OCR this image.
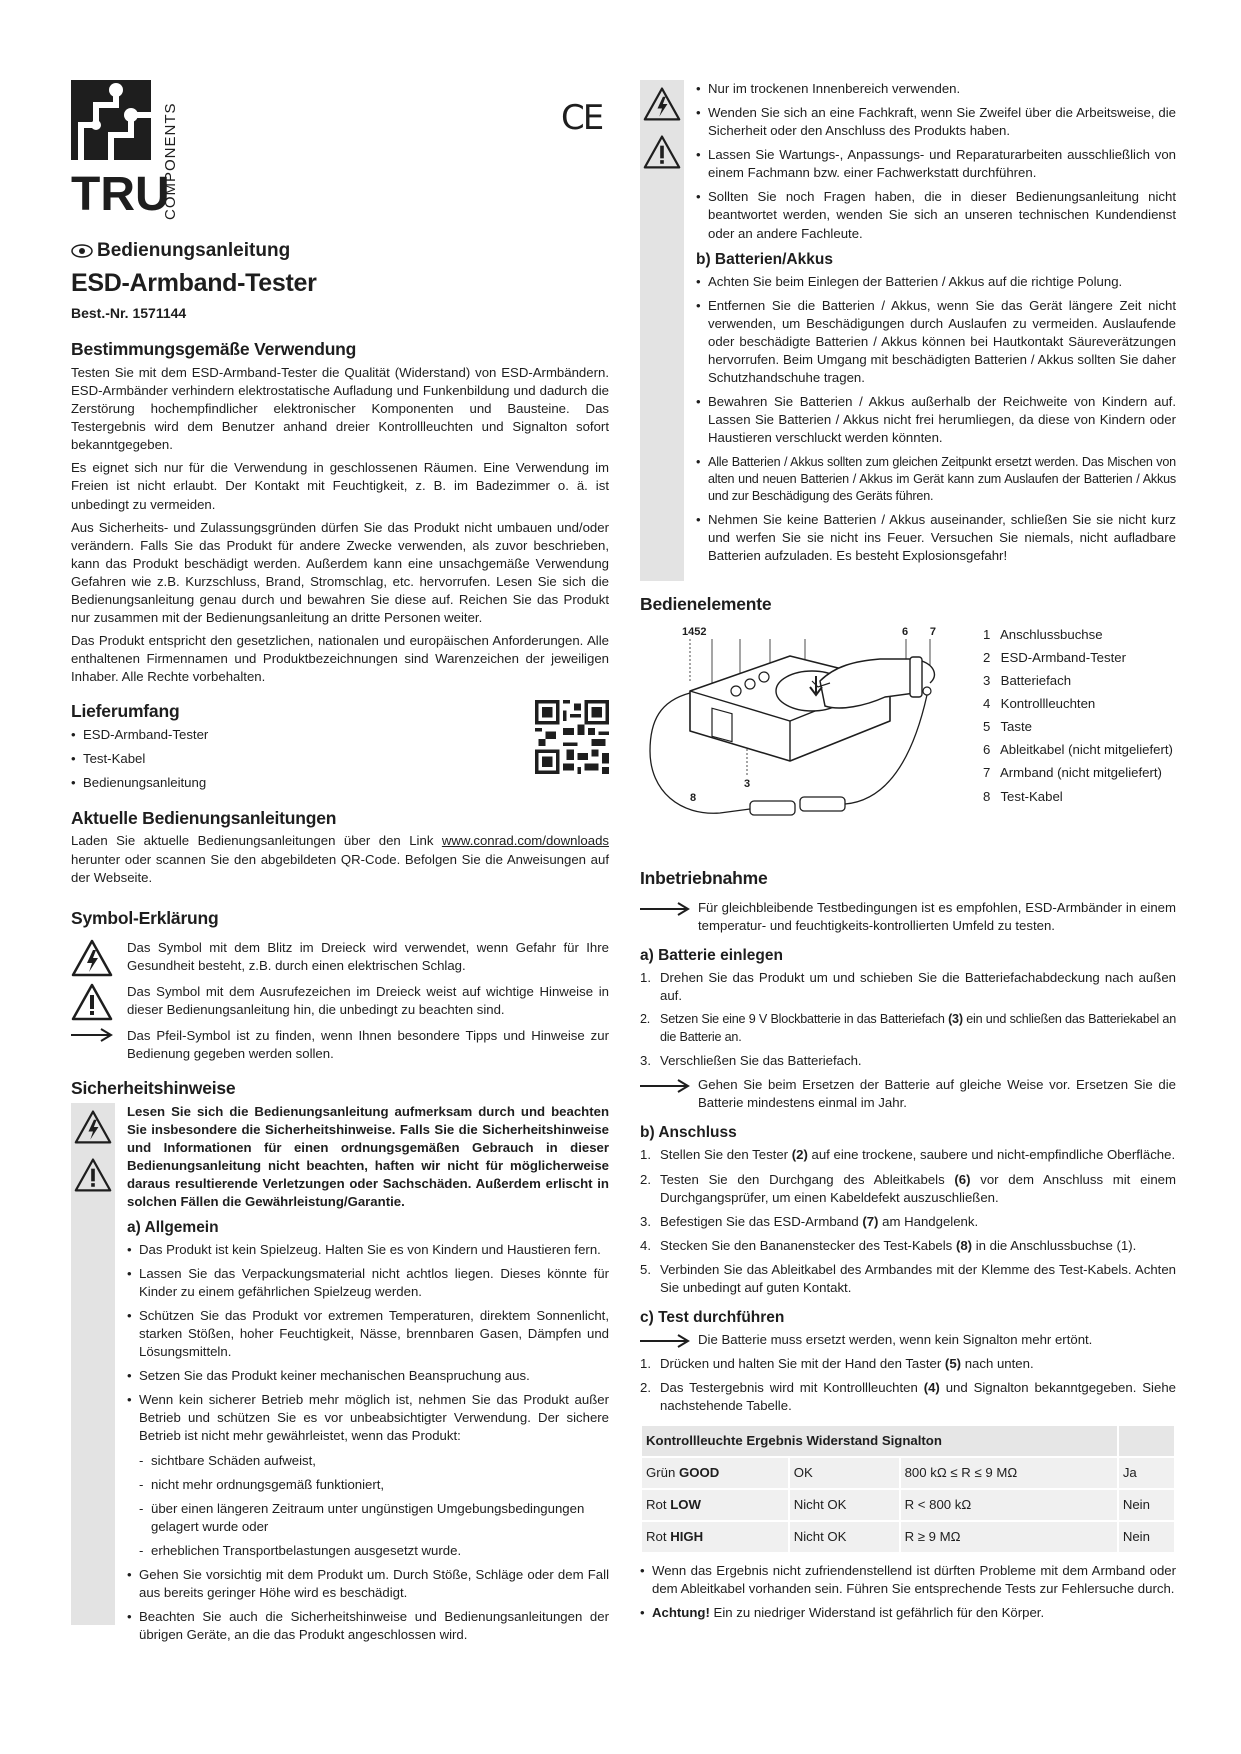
TRU
COMPONENTS	CE
Bedienungsanleitung
ESD-Armband-Tester
Best.-Nr. 1571144
Bestimmungsgemäße Verwendung

Testen Sie mit dem ESD-Armband-Tester die Qualität (Widerstand) von ESD-Armbändern. ESD-Armbänder verhindern elektrostatische Aufladung und Funkenbildung und dadurch die Zerstörung hochempfindlicher elektronischer Komponenten und Bausteine. Das Testergebnis wird dem Benutzer anhand dreier Kontrollleuchten und Signalton sofort bekanntgegeben.

Es eignet sich nur für die Verwendung in geschlossenen Räumen. Eine Verwendung im Freien ist nicht erlaubt. Der Kontakt mit Feuchtigkeit, z. B. im Badezimmer o. ä. ist unbedingt zu vermeiden.

Aus Sicherheits- und Zulassungsgründen dürfen Sie das Produkt nicht umbauen und/oder verändern. Falls Sie das Produkt für andere Zwecke verwenden, als zuvor beschrieben, kann das Produkt beschädigt werden. Außerdem kann eine unsachgemäße Verwendung Gefahren wie z.B. Kurzschluss, Brand, Stromschlag, etc. hervorrufen. Lesen Sie sich die Bedienungsanleitung genau durch und bewahren Sie diese auf. Reichen Sie das Produkt nur zusammen mit der Bedienungsanleitung an dritte Personen weiter.

Das Produkt entspricht den gesetzlichen, nationalen und europäischen Anforderungen. Alle enthaltenen Firmennamen und Produktbezeichnungen sind Warenzeichen der jeweiligen Inhaber. Alle Rechte vorbehalten.

Lieferumfang
• ESD-Armband-Tester
• Test-Kabel
• Bedienungsanleitung
Aktuelle Bedienungsanleitungen

Laden Sie aktuelle Bedienungsanleitungen über den Link www.conrad.com/downloads herunter oder scannen Sie den abgebildeten QR-Code. Befolgen Sie die Anweisungen auf der Webseite.

Symbol-Erklärung

Das Symbol mit dem Blitz im Dreieck wird verwendet, wenn Gefahr für Ihre Gesundheit besteht, z.B. durch einen elektrischen Schlag.

Das Symbol mit dem Ausrufezeichen im Dreieck weist auf wichtige Hinweise in dieser Bedienungsanleitung hin, die unbedingt zu beachten sind.

Das Pfeil-Symbol ist zu finden, wenn Ihnen besondere Tipps und Hinweise zur Bedienung gegeben werden sollen.

Sicherheitshinweise
Lesen Sie sich die Bedienungsanleitung aufmerksam durch und beachten Sie insbesondere die Sicherheitshinweise. Falls Sie die Sicherheitshinweise und Informationen für einen ordnungsgemäßen Gebrauch in dieser Bedienungsanleitung nicht beachten, haften wir nicht für möglicherweise daraus resultierende Verletzungen oder Sachschäden. Außerdem erlischt in solchen Fällen die Gewährleistung/Garantie.
a) Allgemein
• Das Produkt ist kein Spielzeug. Halten Sie es von Kindern und Haustieren fern.
• Lassen Sie das Verpackungsmaterial nicht achtlos liegen. Dieses könnte für Kinder zu einem gefährlichen Spielzeug werden.
• Schützen Sie das Produkt vor extremen Temperaturen, direktem Sonnenlicht, starken Stößen, hoher Feuchtigkeit, Nässe, brennbaren Gasen, Dämpfen und Lösungsmitteln.
• Setzen Sie das Produkt keiner mechanischen Beanspruchung aus.
• Wenn kein sicherer Betrieb mehr möglich ist, nehmen Sie das Produkt außer Betrieb und schützen Sie es vor unbeabsichtigter Verwendung. Der sichere Betrieb ist nicht mehr gewährleistet, wenn das Produkt:
- sichtbare Schäden aufweist,
- nicht mehr ordnungsgemäß funktioniert,
- über einen längeren Zeitraum unter ungünstigen Umgebungsbedingungen gelagert wurde oder
- erheblichen Transportbelastungen ausgesetzt wurde.
• Gehen Sie vorsichtig mit dem Produkt um. Durch Stöße, Schläge oder dem Fall aus bereits geringer Höhe wird es beschädigt.
• Beachten Sie auch die Sicherheitshinweise und Bedienungsanleitungen der übrigen Geräte, an die das Produkt angeschlossen wird.
• Nur im trockenen Innenbereich verwenden.
• Wenden Sie sich an eine Fachkraft, wenn Sie Zweifel über die Arbeitsweise, die Sicherheit oder den Anschluss des Produkts haben.
• Lassen Sie Wartungs-, Anpassungs- und Reparaturarbeiten ausschließlich von einem Fachmann bzw. einer Fachwerkstatt durchführen.
• Sollten Sie noch Fragen haben, die in dieser Bedienungsanleitung nicht beantwortet werden, wenden Sie sich an unseren technischen Kundendienst oder an andere Fachleute.
b) Batterien/Akkus
• Achten Sie beim Einlegen der Batterien / Akkus auf die richtige Polung.
• Entfernen Sie die Batterien / Akkus, wenn Sie das Gerät längere Zeit nicht verwenden, um Beschädigungen durch Auslaufen zu vermeiden. Auslaufende oder beschädigte Batterien / Akkus können bei Hautkontakt Säureverätzungen hervorrufen. Beim Umgang mit beschädigten Batterien / Akkus sollten Sie daher Schutzhandschuhe tragen.
• Bewahren Sie Batterien / Akkus außerhalb der Reichweite von Kindern auf. Lassen Sie Batterien / Akkus nicht frei herumliegen, da diese von Kindern oder Haustieren verschluckt werden könnten.
• Alle Batterien / Akkus sollten zum gleichen Zeitpunkt ersetzt werden. Das Mischen von alten und neuen Batterien / Akkus im Gerät kann zum Auslaufen der Batterien / Akkus und zur Beschädigung des Geräts führen.
• Nehmen Sie keine Batterien / Akkus auseinander, schließen Sie sie nicht kurz und werfen Sie sie nicht ins Feuer. Versuchen Sie niemals, nicht aufladbare Batterien aufzuladen. Es besteht Explosionsgefahr!
Bedienelemente
1452	6 7
3
8
1 Anschlussbuchse
2 ESD-Armband-Tester
3 Batteriefach
4 Kontrollleuchten
5 Taste
6 Ableitkabel (nicht mitgeliefert)
7 Armband (nicht mitgeliefert)
8 Test-Kabel
Inbetriebnahme

Für gleichbleibende Testbedingungen ist es empfohlen, ESD-Armbänder in einem temperatur- und feuchtigkeits-kontrollierten Umfeld zu testen.

a) Batterie einlegen
1. Drehen Sie das Produkt um und schieben Sie die Batteriefachabdeckung nach außen auf.
2. Setzen Sie eine 9 V Blockbatterie in das Batteriefach (3) ein und schließen das Batteriekabel an die Batterie an.
3. Verschließen Sie das Batteriefach.

Gehen Sie beim Ersetzen der Batterie auf gleiche Weise vor. Ersetzen Sie die Batterie mindestens einmal im Jahr.

b) Anschluss
1. Stellen Sie den Tester (2) auf eine trockene, saubere und nicht-empfindliche Oberfläche.
2. Testen Sie den Durchgang des Ableitkabels (6) vor dem Anschluss mit einem Durchgangsprüfer, um einen Kabeldefekt auszuschließen.
3. Befestigen Sie das ESD-Armband (7) am Handgelenk.
4. Stecken Sie den Bananenstecker des Test-Kabels (8) in die Anschlussbuchse (1).
5. Verbinden Sie das Ableitkabel des Armbandes mit der Klemme des Test-Kabels. Achten Sie unbedingt auf guten Kontakt.
c) Test durchführen

Die Batterie muss ersetzt werden, wenn kein Signalton mehr ertönt.

1. Drücken und halten Sie mit der Hand den Taster (5) nach unten.
2. Das Testergebnis wird mit Kontrollleuchten (4) und Signalton bekanntgegeben. Siehe nachstehende Tabelle.
Kontrollleuchte Ergebnis Widerstand Signalton			
Grün GOOD	OK	800 kΩ ≤ R ≤ 9 MΩ	Ja
Rot LOW	Nicht OK	R < 800 kΩ	Nein
Rot HIGH	Nicht OK	R ≥ 9 MΩ	Nein
• Wenn das Ergebnis nicht zufriendenstellend ist dürften Probleme mit dem Armband oder dem Ableitkabel vorhanden sein. Führen Sie entsprechende Tests zur Fehlersuche durch.
• Achtung! Ein zu niedriger Widerstand ist gefährlich für den Körper.
